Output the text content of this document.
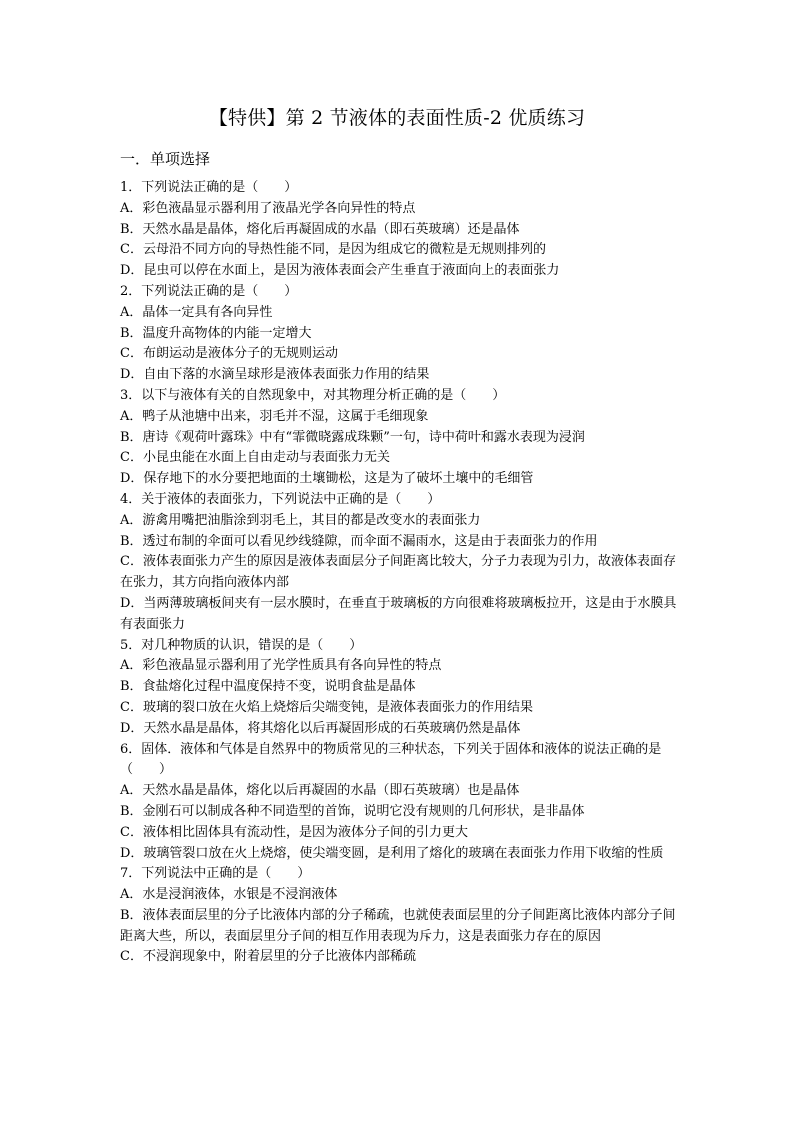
【特供】第 2 节液体的表面性质-2 优质练习
一．单项选择

1．下列说法正确的是（　　）

A．彩色液晶显示器利用了液晶光学各向异性的特点

B．天然水晶是晶体，熔化后再凝固成的水晶（即石英玻璃）还是晶体

C．云母沿不同方向的导热性能不同，是因为组成它的微粒是无规则排列的

D．昆虫可以停在水面上，是因为液体表面会产生垂直于液面向上的表面张力

2．下列说法正确的是（　　）

A．晶体一定具有各向异性

B．温度升高物体的内能一定增大

C．布朗运动是液体分子的无规则运动

D．自由下落的水滴呈球形是液体表面张力作用的结果

3．以下与液体有关的自然现象中，对其物理分析正确的是（　　）

A．鸭子从池塘中出来，羽毛并不湿，这属于毛细现象

B．唐诗《观荷叶露珠》中有“霏微晓露成珠颗”一句，诗中荷叶和露水表现为浸润

C．小昆虫能在水面上自由走动与表面张力无关

D．保存地下的水分要把地面的土壤锄松，这是为了破坏土壤中的毛细管

4．关于液体的表面张力，下列说法中正确的是（　　）

A．游禽用嘴把油脂涂到羽毛上，其目的都是改变水的表面张力

B．透过布制的伞面可以看见纱线缝隙，而伞面不漏雨水，这是由于表面张力的作用

C．液体表面张力产生的原因是液体表面层分子间距离比较大，分子力表现为引力，故液体表面存在张力，其方向指向液体内部

D．当两薄玻璃板间夹有一层水膜时，在垂直于玻璃板的方向很难将玻璃板拉开，这是由于水膜具有表面张力

5．对几种物质的认识，错误的是（　　）

A．彩色液晶显示器利用了光学性质具有各向异性的特点

B．食盐熔化过程中温度保持不变，说明食盐是晶体

C．玻璃的裂口放在火焰上烧熔后尖端变钝，是液体表面张力的作用结果

D．天然水晶是晶体，将其熔化以后再凝固形成的石英玻璃仍然是晶体

6．固体．液体和气体是自然界中的物质常见的三种状态，下列关于固体和液体的说法正确的是（　　）

A．天然水晶是晶体，熔化以后再凝固的水晶（即石英玻璃）也是晶体

B．金刚石可以制成各种不同造型的首饰，说明它没有规则的几何形状，是非晶体

C．液体相比固体具有流动性，是因为液体分子间的引力更大

D．玻璃管裂口放在火上烧熔，使尖端变圆，是利用了熔化的玻璃在表面张力作用下收缩的性质

7．下列说法中正确的是（　　）

A．水是浸润液体，水银是不浸润液体

B．液体表面层里的分子比液体内部的分子稀疏，也就使表面层里的分子间距离比液体内部分子间距离大些，所以，表面层里分子间的相互作用表现为斥力，这是表面张力存在的原因

C．不浸润现象中，附着层里的分子比液体内部稀疏
